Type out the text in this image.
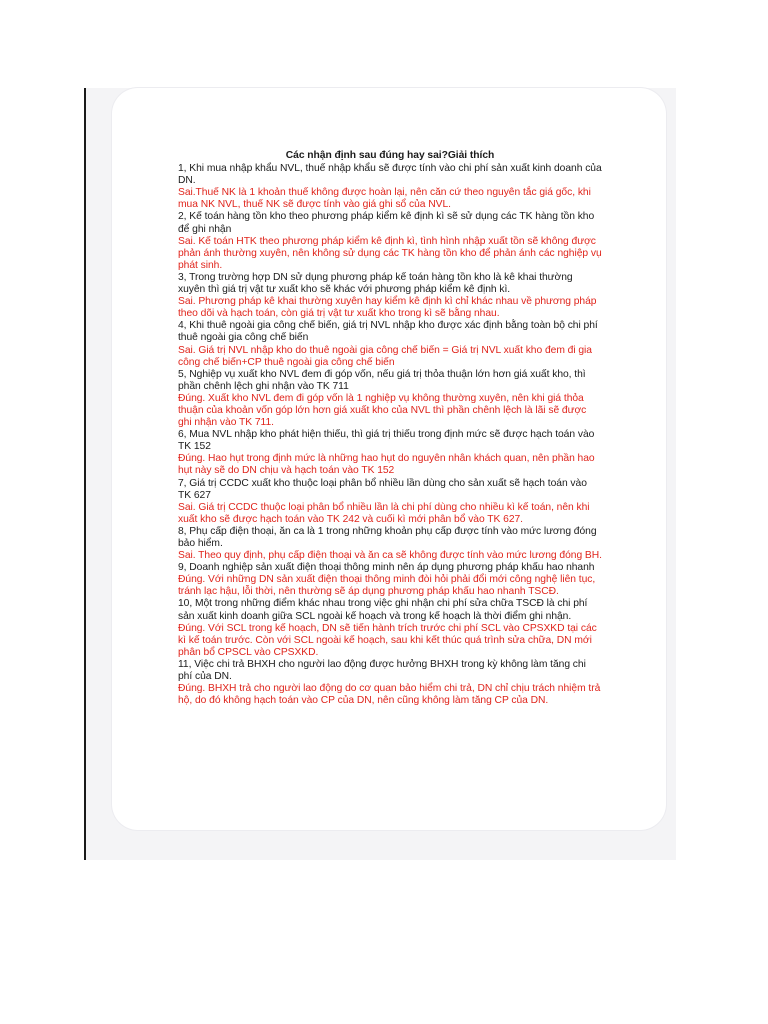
Các nhận định sau đúng hay sai?Giải thích

1, Khi mua nhập khẩu NVL, thuế nhập khẩu sẽ được tính vào chi phí sản xuất kinh doanh của DN.

Sai.Thuế NK là 1 khoản thuế không được hoàn lại, nên căn cứ theo nguyên tắc giá gốc, khi mua NK NVL, thuế NK sẽ được tính vào giá ghi sổ của NVL.

2, Kế toán hàng tồn kho theo phương pháp kiểm kê định kì sẽ sử dụng các TK hàng tồn kho để ghi nhận

Sai. Kế toán HTK theo phương pháp kiểm kê định kì, tình hình nhập xuất tồn sẽ không được phản ánh thường xuyên, nên không sử dụng các TK hàng tồn kho để phản ánh các nghiệp vụ phát sinh.

3, Trong trường hợp DN sử dụng phương pháp kế toán hàng tồn kho là kê khai thường xuyên thì giá trị vật tư xuất kho sẽ khác với phương pháp kiểm kê định kì.

Sai. Phương pháp kê khai thường xuyên hay kiểm kê định kì chỉ khác nhau về phương pháp theo dõi và hạch toán, còn giá trị vật tư xuất kho trong kì sẽ bằng nhau.

4, Khi thuê ngoài gia công chế biến, giá trị NVL nhập kho được xác định bằng toàn bộ chi phí thuê ngoài gia công chế biến

Sai. Giá trị NVL nhập kho do thuê ngoài gia công chế biến = Giá trị NVL xuất kho đem đi gia công chế biến+CP thuê ngoài gia công chế biến

5, Nghiệp vụ xuất kho NVL đem đi góp vốn, nếu giá trị thỏa thuận lớn hơn giá xuất kho, thì phần chênh lệch ghi nhận vào TK 711

Đúng. Xuất kho NVL đem đi góp vốn là 1 nghiệp vụ không thường xuyên, nên khi giá thỏa thuận của khoản vốn góp lớn hơn giá xuất kho của NVL thì phần chênh lệch là lãi sẽ được ghi nhận vào TK 711.

6, Mua NVL nhập kho phát hiện thiếu, thì giá trị thiếu trong định mức sẽ được hạch toán vào TK 152

Đúng. Hao hụt trong định mức là những hao hụt do nguyên nhân khách quan, nên phần hao hụt này sẽ do DN chịu và hạch toán vào TK 152

7, Giá trị CCDC xuất kho thuộc loại phân bổ nhiều lần dùng cho sản xuất sẽ hạch toán vào TK 627

Sai. Giá trị CCDC thuộc loại phân bổ nhiều lần là chi phí dùng cho nhiều kì kế toán, nên khi xuất kho sẽ được hạch toán vào TK 242 và cuối kì mới phân bổ vào TK 627.

8, Phụ cấp điện thoại, ăn ca là 1 trong những khoản phụ cấp được tính vào mức lương đóng bảo hiểm.

Sai. Theo quy định, phụ cấp điện thoại và ăn ca sẽ không được tính vào mức lương đóng BH.

9, Doanh nghiệp sản xuất điện thoại thông minh nên áp dụng phương pháp khấu hao nhanh

Đúng. Với những DN sản xuất điện thoại thông minh đòi hỏi phải đổi mới công nghệ liên tục, tránh lạc hậu, lỗi thời, nên thường sẽ áp dụng phương pháp khấu hao nhanh TSCĐ.

10, Một trong những điểm khác nhau trong việc ghi nhận chi phí sửa chữa TSCĐ là chi phí sản xuất kinh doanh giữa SCL ngoài kế hoạch và trong kế hoạch là thời điểm ghi nhận.

Đúng. Với SCL trong kế hoạch, DN sẽ tiến hành trích trước chi phí SCL vào CPSXKD tại các kì kế toán trước. Còn với SCL ngoài kế hoạch, sau khi kết thúc quá trình sửa chữa, DN mới phân bổ CPSCL vào CPSXKD.

11, Việc chi trả BHXH cho người lao động được hưởng BHXH trong kỳ không làm tăng chi phí của DN.

Đúng. BHXH trả cho người lao động do cơ quan bảo hiểm chi trả, DN chỉ chịu trách nhiệm trả hộ, do đó không hạch toán vào CP của DN, nên cũng không làm tăng CP của DN.
